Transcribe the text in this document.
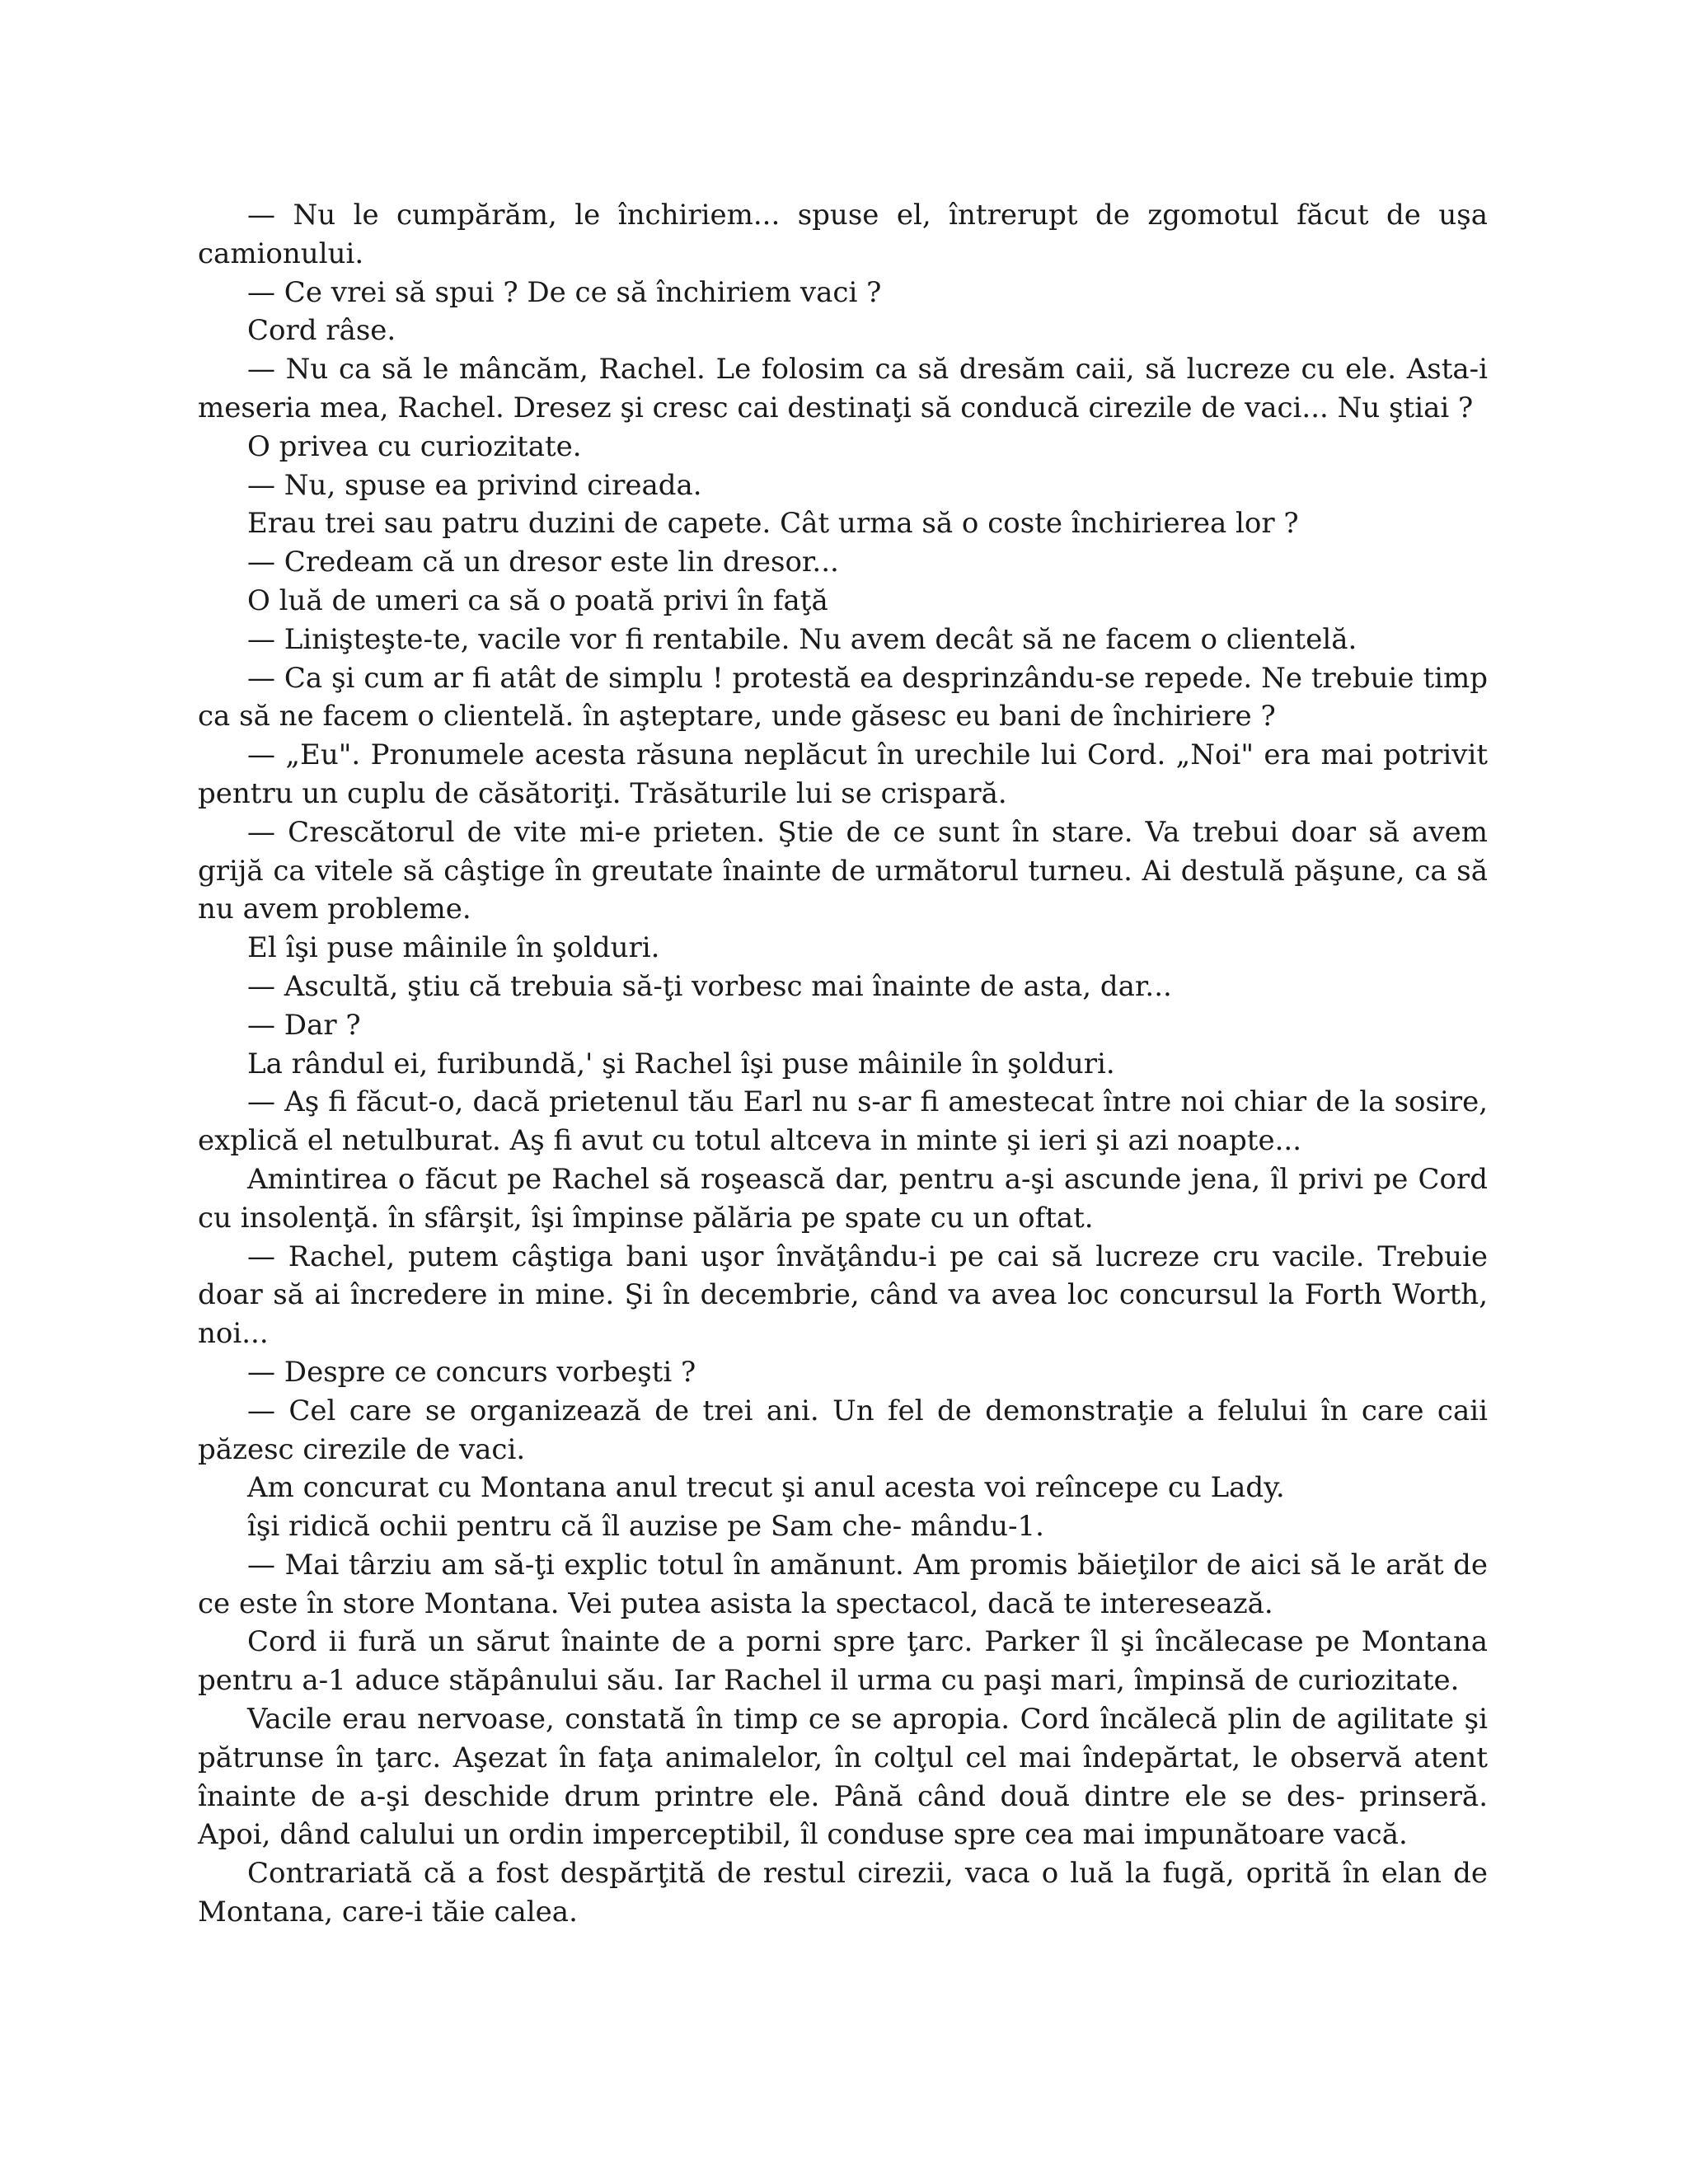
— Nu le cumpărăm, le închiriem... spuse el, întrerupt de zgomotul făcut de uşa camionului.

— Ce vrei să spui ? De ce să închiriem vaci ?

Cord râse.

— Nu ca să le mâncăm, Rachel. Le folosim ca să dresăm caii, să lucreze cu ele. Asta-i meseria mea, Rachel. Dresez şi cresc cai destinaţi să conducă cirezile de vaci... Nu ştiai ?

O privea cu curiozitate.

— Nu, spuse ea privind cireada.

Erau trei sau patru duzini de capete. Cât urma să o coste închirierea lor ?

— Credeam că un dresor este lin dresor...

O luă de umeri ca să o poată privi în faţă

— Linişteşte-te, vacile vor fi rentabile. Nu avem decât să ne facem o clientelă.

— Ca şi cum ar fi atât de simplu ! protestă ea desprinzându-se repede. Ne trebuie timp ca să ne facem o clientelă. în aşteptare, unde găsesc eu bani de închiriere ?

— „Eu". Pronumele acesta răsuna neplăcut în urechile lui Cord. „Noi" era mai potrivit pentru un cuplu de căsătoriţi. Trăsăturile lui se crispară.

— Crescătorul de vite mi-e prieten. Ştie de ce sunt în stare. Va trebui doar să avem grijă ca vitele să câştige în greutate înainte de următorul turneu. Ai destulă păşune, ca să nu avem probleme.

El îşi puse mâinile în şolduri.

— Ascultă, ştiu că trebuia să-ţi vorbesc mai înainte de asta, dar...

— Dar ?

La rândul ei, furibundă,' şi Rachel îşi puse mâinile în şolduri.

— Aş fi făcut-o, dacă prietenul tău Earl nu s-ar fi amestecat între noi chiar de la sosire, explică el netulburat. Aş fi avut cu totul altceva in minte şi ieri şi azi noapte...

Amintirea o făcut pe Rachel să roşească dar, pentru a-şi ascunde jena, îl privi pe Cord cu insolenţă. în sfârşit, îşi împinse pălăria pe spate cu un oftat.

— Rachel, putem câştiga bani uşor învăţându-i pe cai să lucreze cru vacile. Trebuie doar să ai încredere in mine. Şi în decembrie, când va avea loc concursul la Forth Worth, noi...

— Despre ce concurs vorbeşti ?

— Cel care se organizează de trei ani. Un fel de demonstraţie a felului în care caii păzesc cirezile de vaci.

Am concurat cu Montana anul trecut şi anul acesta voi reîncepe cu Lady.

îşi ridică ochii pentru că îl auzise pe Sam che- mându-1.

— Mai târziu am să-ţi explic totul în amănunt. Am promis băieţilor de aici să le arăt de ce este în store Montana. Vei putea asista la spectacol, dacă te interesează.

Cord ii fură un sărut înainte de a porni spre ţarc. Parker îl şi încălecase pe Montana pentru a-1 aduce stăpânului său. Iar Rachel il urma cu paşi mari, împinsă de curiozitate.

Vacile erau nervoase, constată în timp ce se apropia. Cord încălecă plin de agilitate şi pătrunse în ţarc. Aşezat în faţa animalelor, în colţul cel mai îndepărtat, le observă atent înainte de a-şi deschide drum printre ele. Până când două dintre ele se des- prinseră. Apoi, dând calului un ordin imperceptibil, îl conduse spre cea mai impunătoare vacă.

Contrariată că a fost despărţită de restul cirezii, vaca o luă la fugă, oprită în elan de Montana, care-i tăie calea.
